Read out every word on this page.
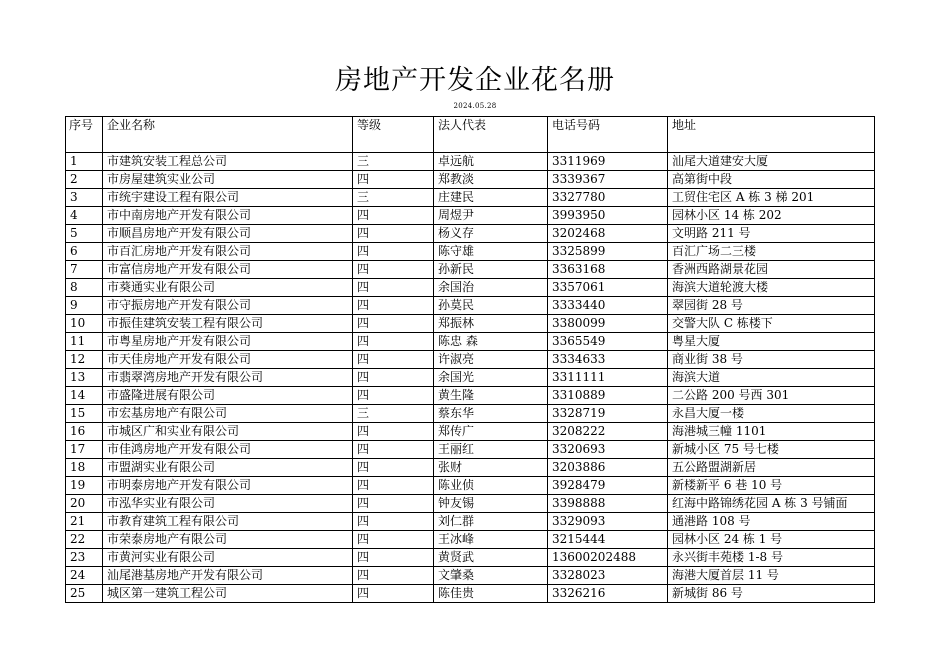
房地产开发企业花名册
2024.05.28
序号	企业名称	等级	法人代表	电话号码	地址
1	市建筑安装工程总公司	三	卓远航	3311969	汕尾大道建安大厦
2	市房屋建筑实业公司	四	郑教淡	3339367	高第街中段
3	市统宇建设工程有限公司	三	庄建民	3327780	工贸住宅区 A 栋 3 梯 201
4	市中南房地产开发有限公司	四	周煜尹	3993950	园林小区 14 栋 202
5	市顺昌房地产开发有限公司	四	杨义存	3202468	文明路 211 号
6	市百汇房地产开发有限公司	四	陈守雄	3325899	百汇广场二三楼
7	市富信房地产开发有限公司	四	孙新民	3363168	香洲西路湖景花园
8	市葵通实业有限公司	四	余国治	3357061	海滨大道轮渡大楼
9	市守振房地产开发有限公司	四	孙莫民	3333440	翠园街 28 号
10	市振佳建筑安装工程有限公司	四	郑振林	3380099	交警大队 C 栋楼下
11	市粤星房地产开发有限公司	四	陈忠 森	3365549	粤星大厦
12	市天佳房地产开发有限公司	四	许淑亮	3334633	商业街 38 号
13	市翡翠湾房地产开发有限公司	四	余国光	3311111	海滨大道
14	市盛隆进展有限公司	四	黄生隆	3310889	二公路 200 号西 301
15	市宏基房地产有限公司	三	蔡东华	3328719	永昌大厦一楼
16	市城区广和实业有限公司	四	郑传广	3208222	海港城三幢 1101
17	市佳鸿房地产开发有限公司	四	王丽红	3320693	新城小区 75 号七楼
18	市盟湖实业有限公司	四	张财	3203886	五公路盟湖新居
19	市明泰房地产开发有限公司	四	陈业侦	3928479	新楼新平 6 巷 10 号
20	市泓华实业有限公司	四	钟友锡	3398888	红海中路锦绣花园 A 栋 3 号铺面
21	市教育建筑工程有限公司	四	刘仁群	3329093	通港路 108 号
22	市荣泰房地产有限公司	四	王冰峰	3215444	园林小区 24 栋 1 号
23	市黄河实业有限公司	四	黄贤武	13600202488	永兴街丰苑楼 1-8 号
24	汕尾港基房地产开发有限公司	四	文肇桑	3328023	海港大厦首层 11 号
25	城区第一建筑工程公司	四	陈佳贵	3326216	新城街 86 号
